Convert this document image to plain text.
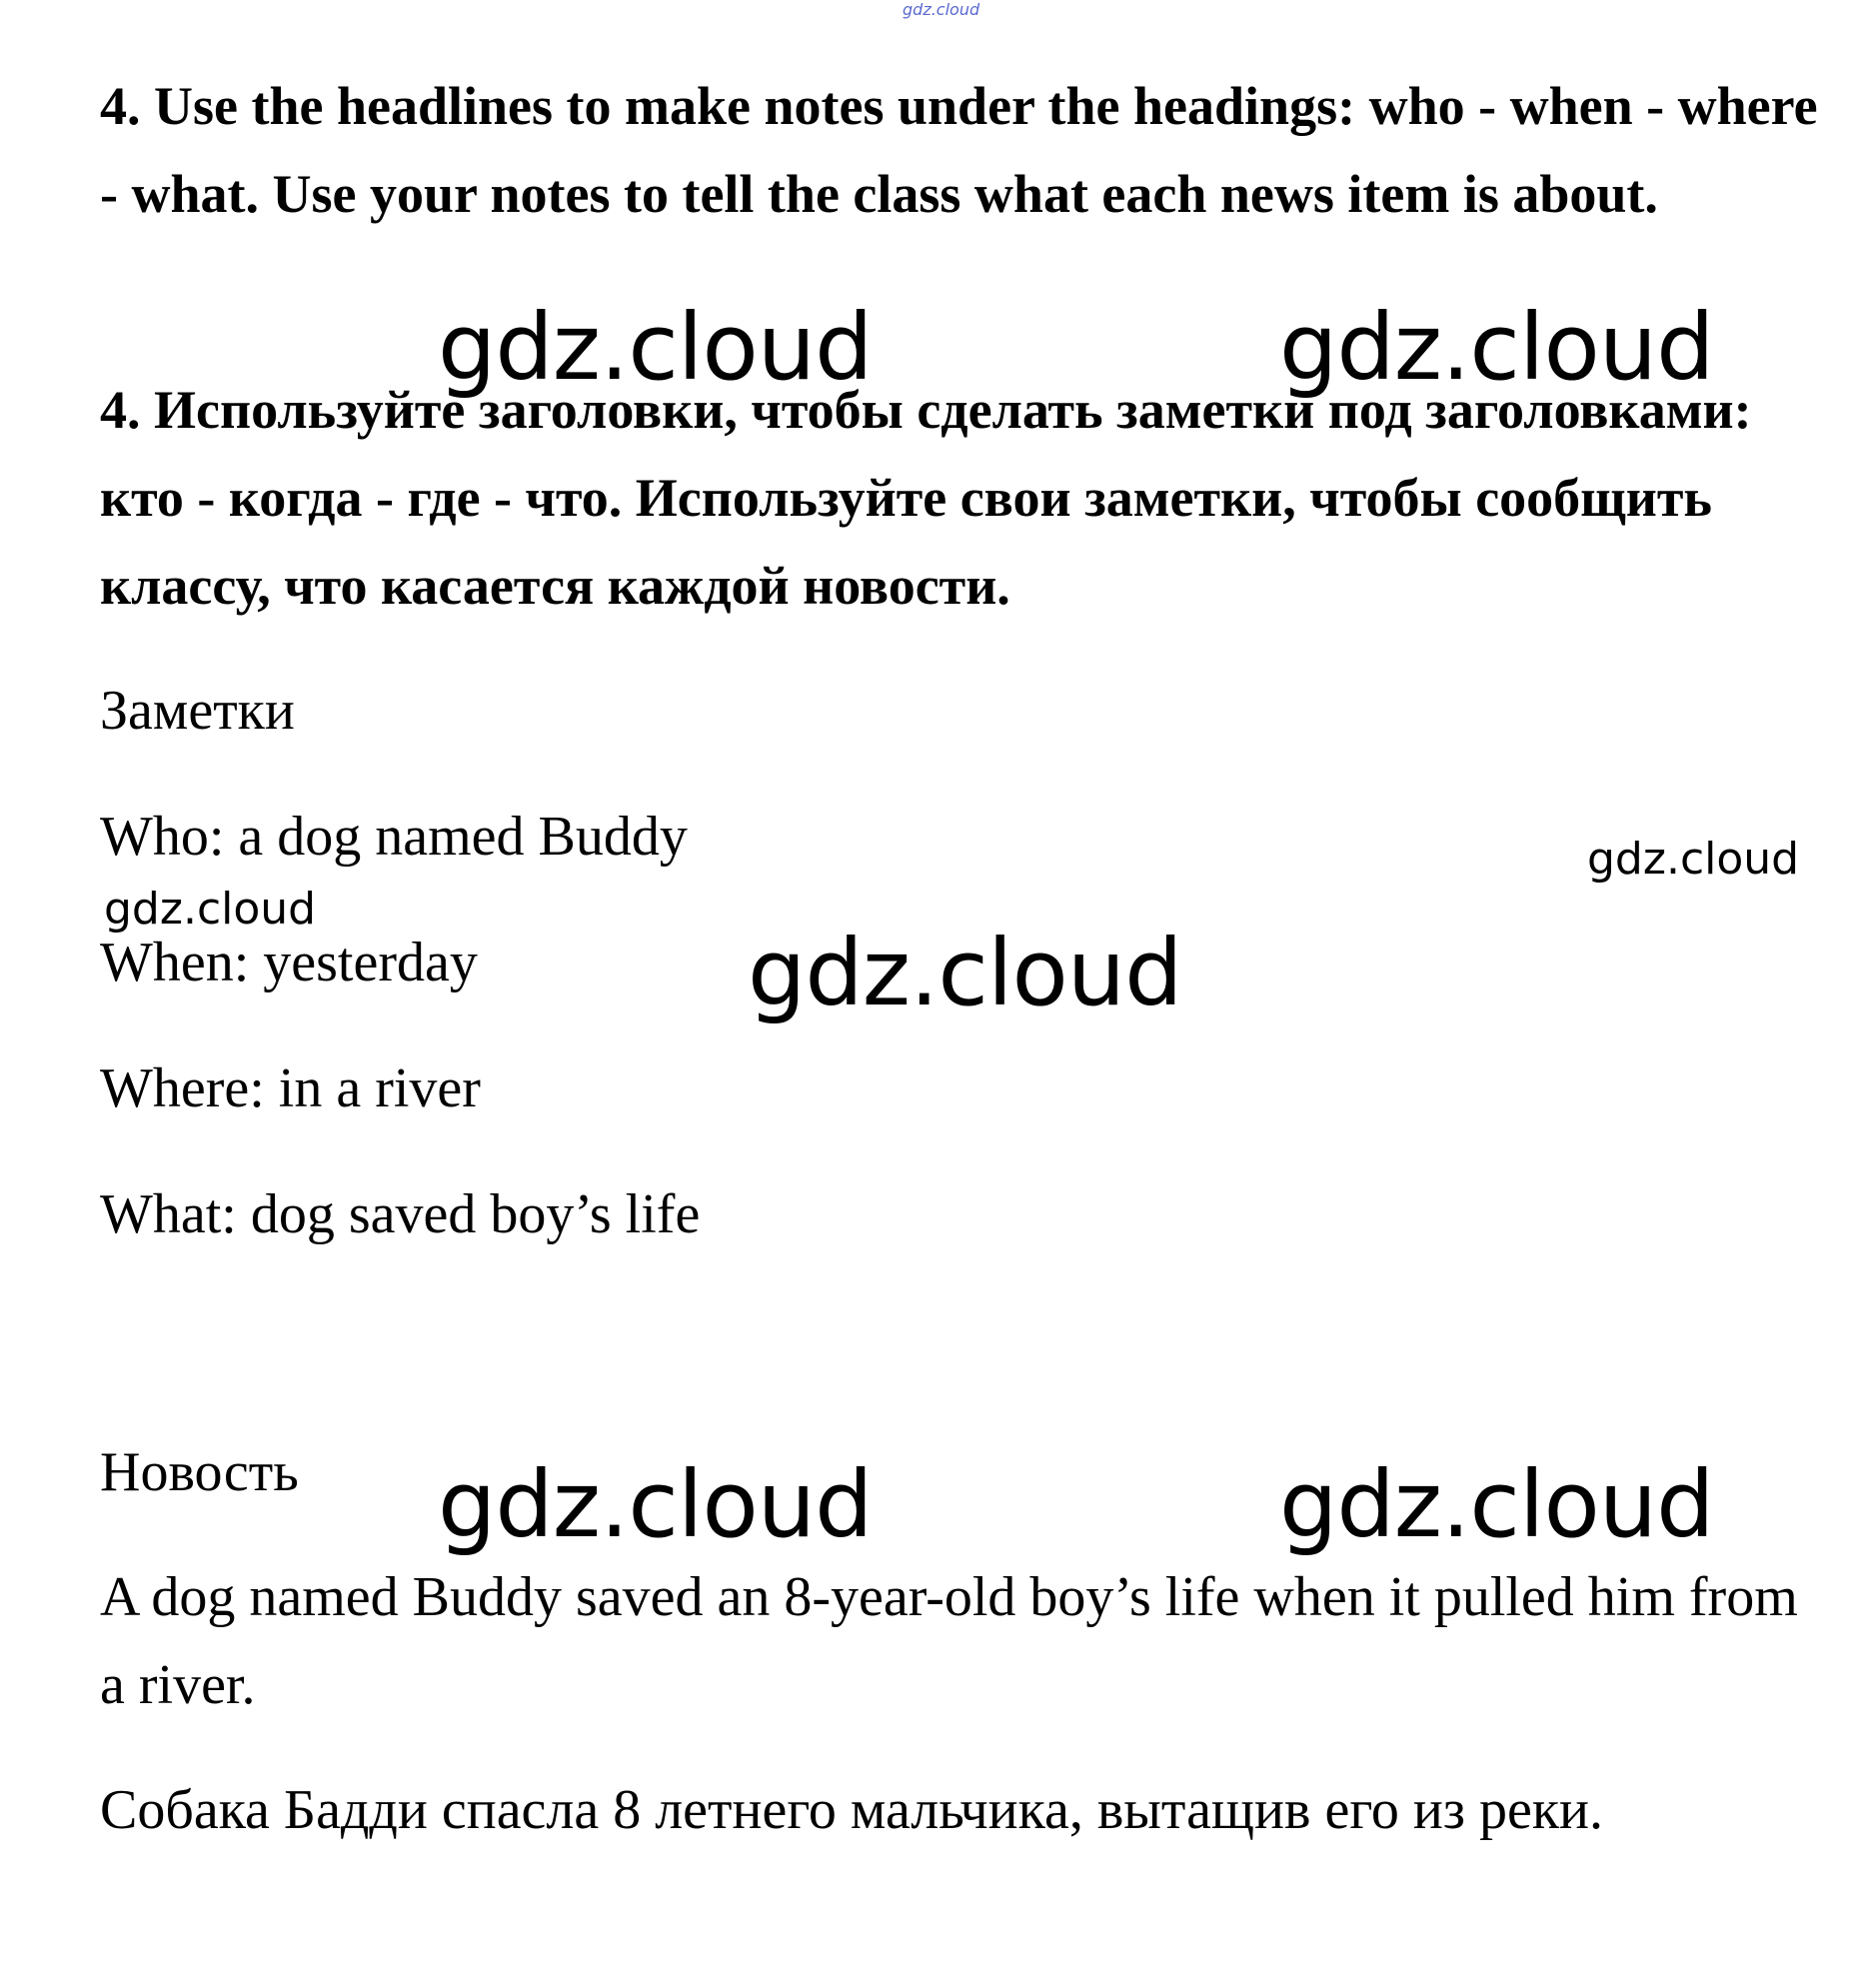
gdz.cloud

4. Use the headlines to make notes under the headings: who - when - where - what. Use your notes to tell the class what each news item is about.

gdz.cloud	gdz.cloud

4. Используйте заголовки, чтобы сделать заметки под заголовками: кто - когда - где - что. Используйте свои заметки, чтобы сообщить классу, что касается каждой новости.

Заметки

Who: a dog named Buddy	gdz.cloud
gdz.cloud

When: yesterday	gdz.cloud

Where: in a river

What: dog saved boy’s life

Новость gdz.cloud	gdz.cloud

A dog named Buddy saved an 8-year-old boy’s life when it pulled him from a river.

Собака Бадди спасла 8 летнего мальчика, вытащив его из реки.
